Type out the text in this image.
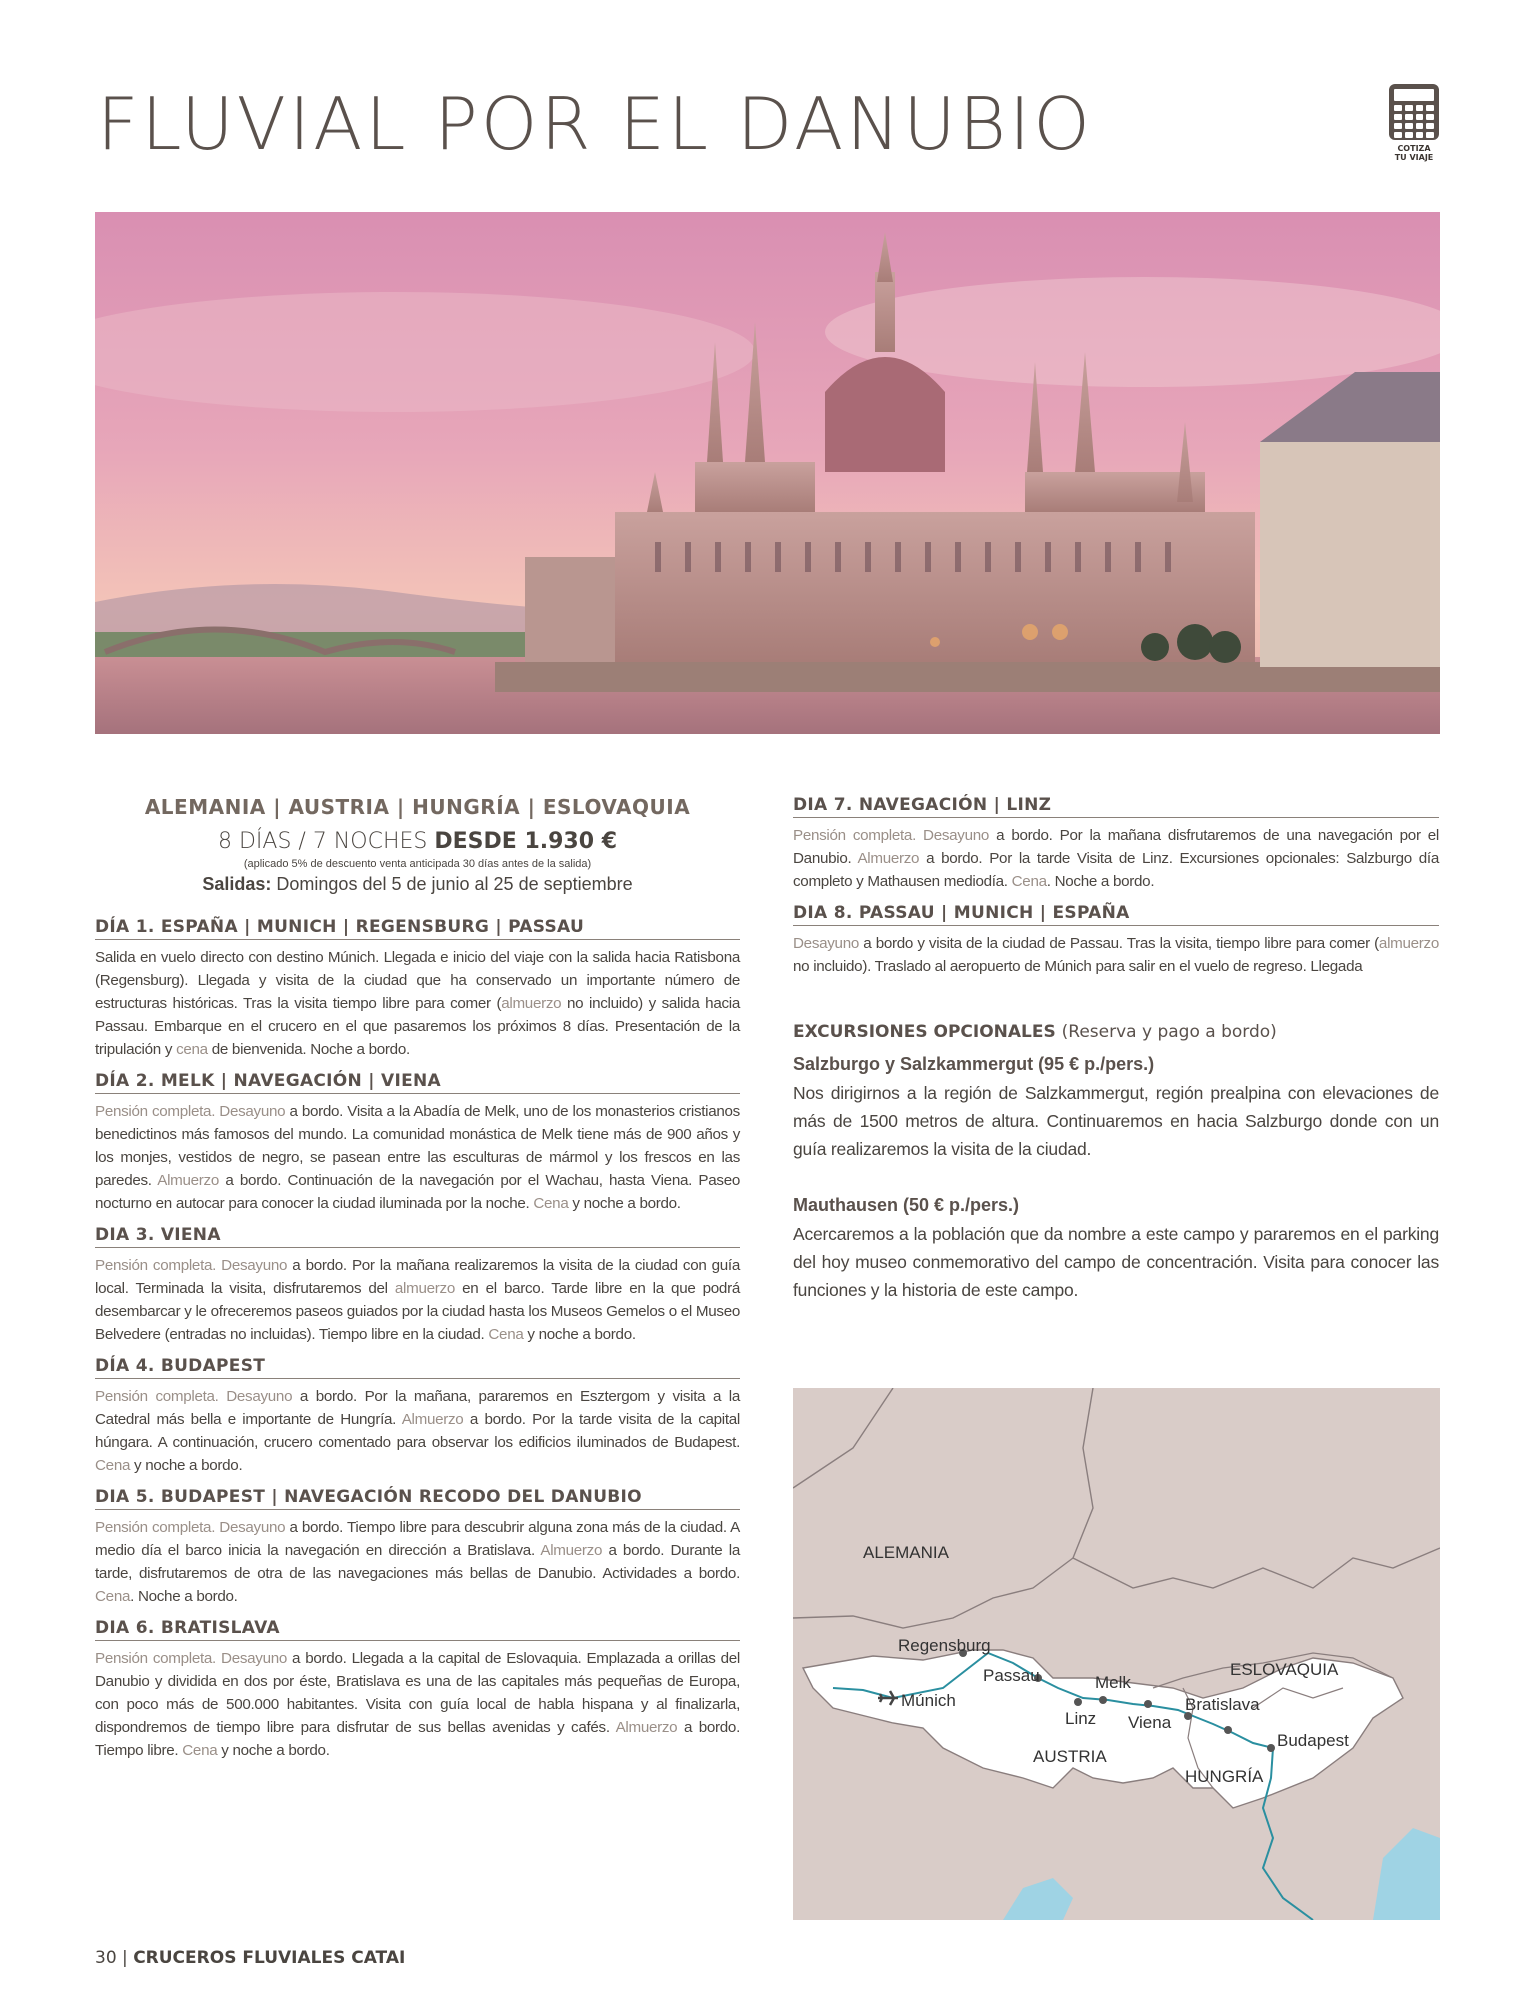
FLUVIAL POR EL DANUBIO	COTIZA
TU VIAJE

ALEMANIA | AUSTRIA | HUNGRÍA | ESLOVAQUIA

8 DÍAS / 7 NOCHES DESDE 1.930 €

(aplicado 5% de descuento venta anticipada 30 días antes de la salida)

Salidas: Domingos del 5 de junio al 25 de septiembre

DÍA 1. ESPAÑA | MUNICH | REGENSBURG | PASSAU

Salida en vuelo directo con destino Múnich. Llegada e inicio del viaje con la salida hacia Ratisbona (Regensburg). Llegada y visita de la ciudad que ha conservado un importante número de estructuras históricas. Tras la visita tiempo libre para comer (almuerzo no incluido) y salida hacia Passau. Embarque en el crucero en el que pasaremos los próximos 8 días. Presentación de la tripulación y cena de bienvenida. Noche a bordo.

DÍA 2. MELK | NAVEGACIÓN | VIENA

Pensión completa. Desayuno a bordo. Visita a la Abadía de Melk, uno de los monasterios cristianos benedictinos más famosos del mundo. La comunidad monástica de Melk tiene más de 900 años y los monjes, vestidos de negro, se pasean entre las esculturas de mármol y los frescos en las paredes. Almuerzo a bordo. Continuación de la navegación por el Wachau, hasta Viena. Paseo nocturno en autocar para conocer la ciudad iluminada por la noche. Cena y noche a bordo.

DIA 3. VIENA

Pensión completa. Desayuno a bordo. Por la mañana realizaremos la visita de la ciudad con guía local. Terminada la visita, disfrutaremos del almuerzo en el barco. Tarde libre en la que podrá desembarcar y le ofreceremos paseos guiados por la ciudad hasta los Museos Gemelos o el Museo Belvedere (entradas no incluidas). Tiempo libre en la ciudad. Cena y noche a bordo.

DÍA 4. BUDAPEST

Pensión completa. Desayuno a bordo. Por la mañana, pararemos en Esztergom y visita a la Catedral más bella e importante de Hungría. Almuerzo a bordo. Por la tarde visita de la capital húngara. A continuación, crucero comentado para observar los edificios iluminados de Budapest. Cena y noche a bordo.

DIA 5. BUDAPEST | NAVEGACIÓN RECODO DEL DANUBIO

Pensión completa. Desayuno a bordo. Tiempo libre para descubrir alguna zona más de la ciudad. A medio día el barco inicia la navegación en dirección a Bratislava. Almuerzo a bordo. Durante la tarde, disfrutaremos de otra de las navegaciones más bellas de Danubio. Actividades a bordo. Cena. Noche a bordo.

DIA 6. BRATISLAVA

Pensión completa. Desayuno a bordo. Llegada a la capital de Eslovaquia. Emplazada a orillas del Danubio y dividida en dos por éste, Bratislava es una de las capitales más pequeñas de Europa, con poco más de 500.000 habitantes. Visita con guía local de habla hispana y al finalizarla, dispondremos de tiempo libre para disfrutar de sus bellas avenidas y cafés. Almuerzo a bordo. Tiempo libre. Cena y noche a bordo.

DIA 7. NAVEGACIÓN | LINZ

Pensión completa. Desayuno a bordo. Por la mañana disfrutaremos de una navegación por el Danubio. Almuerzo a bordo. Por la tarde Visita de Linz. Excursiones opcionales: Salzburgo día completo y Mathausen mediodía. Cena. Noche a bordo.

DIA 8. PASSAU | MUNICH | ESPAÑA

Desayuno a bordo y visita de la ciudad de Passau. Tras la visita, tiempo libre para comer (almuerzo no incluido). Traslado al aeropuerto de Múnich para salir en el vuelo de regreso. Llegada

EXCURSIONES OPCIONALES (Reserva y pago a bordo)
Salzburgo y Salzkammergut (95 € p./pers.)

Nos dirigirnos a la región de Salzkammergut, región prealpina con elevaciones de más de 1500 metros de altura. Continuaremos en hacia Salzburgo donde con un guía realizaremos la visita de la ciudad.

Mauthausen (50 € p./pers.)

Acercaremos a la población que da nombre a este campo y pararemos en el parking del hoy museo conmemorativo del campo de concentración. Visita para conocer las funciones y la historia de este campo.

ALEMANIA
ESLOVAQUIA
AUSTRIA
HUNGRÍA
Regensburg
Passau	Melk
Múnich
Linz Viena
Bratislava
Budapest
30 | CRUCEROS FLUVIALES CATAI
